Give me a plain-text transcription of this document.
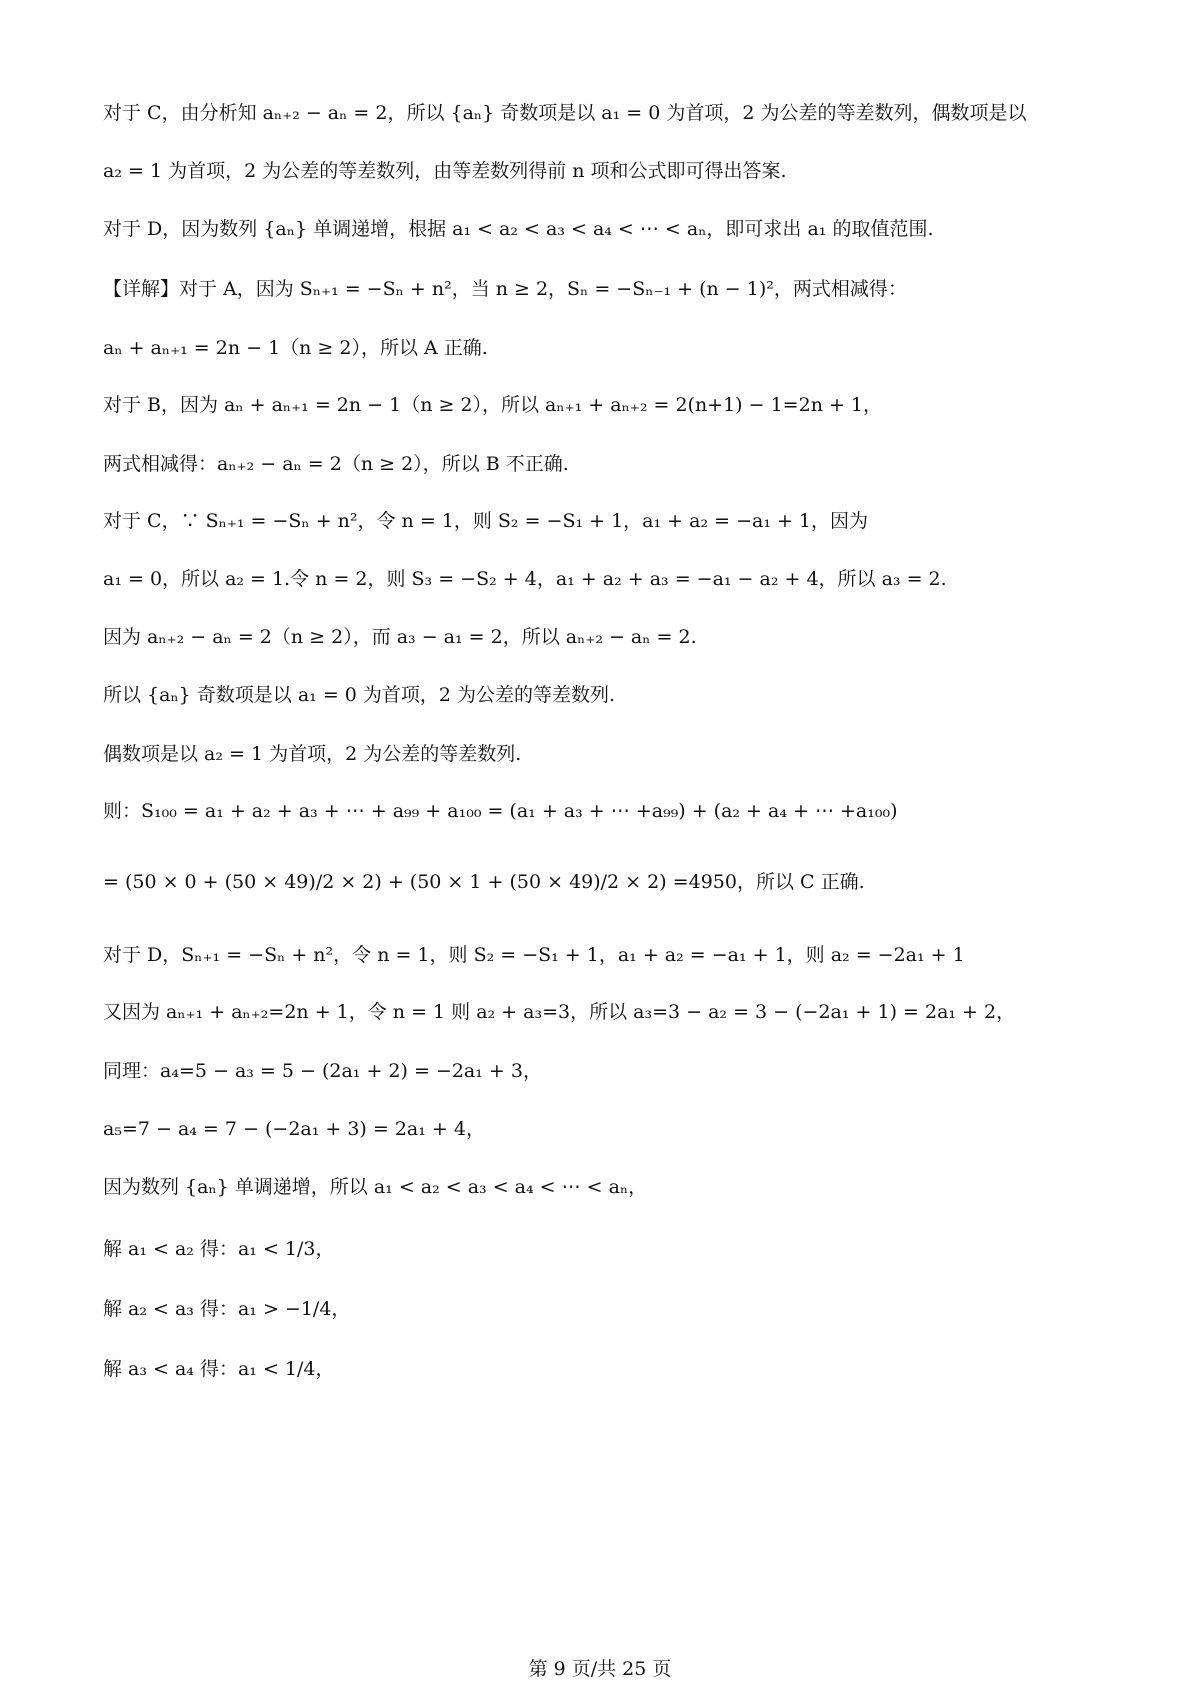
对于 C，由分析知 aₙ₊₂ − aₙ = 2，所以 {aₙ} 奇数项是以 a₁ = 0 为首项，2 为公差的等差数列，偶数项是以
a₂ = 1 为首项，2 为公差的等差数列，由等差数列得前 n 项和公式即可得出答案.
对于 D，因为数列 {aₙ} 单调递增，根据 a₁ < a₂ < a₃ < a₄ < ⋯ < aₙ，即可求出 a₁ 的取值范围.
【详解】对于 A，因为 Sₙ₊₁ = −Sₙ + n²，当 n ≥ 2，Sₙ = −Sₙ₋₁ + (n − 1)²，两式相减得：
aₙ + aₙ₊₁ = 2n − 1（n ≥ 2），所以 A 正确.
对于 B，因为 aₙ + aₙ₊₁ = 2n − 1（n ≥ 2），所以 aₙ₊₁ + aₙ₊₂ = 2(n+1) − 1=2n + 1，
两式相减得：aₙ₊₂ − aₙ = 2（n ≥ 2），所以 B 不正确.
对于 C，∵ Sₙ₊₁ = −Sₙ + n²，令 n = 1，则 S₂ = −S₁ + 1，a₁ + a₂ = −a₁ + 1，因为
a₁ = 0，所以 a₂ = 1.令 n = 2，则 S₃ = −S₂ + 4，a₁ + a₂ + a₃ = −a₁ − a₂ + 4，所以 a₃ = 2.
因为 aₙ₊₂ − aₙ = 2（n ≥ 2），而 a₃ − a₁ = 2，所以 aₙ₊₂ − aₙ = 2.
所以 {aₙ} 奇数项是以 a₁ = 0 为首项，2 为公差的等差数列.
偶数项是以 a₂ = 1 为首项，2 为公差的等差数列.
则：S₁₀₀ = a₁ + a₂ + a₃ + ⋯ + a₉₉ + a₁₀₀ = (a₁ + a₃ + ⋯ +a₉₉) + (a₂ + a₄ + ⋯ +a₁₀₀)
= (50 × 0 + (50 × 49)/2 × 2) + (50 × 1 + (50 × 49)/2 × 2) =4950，所以 C 正确.
对于 D，Sₙ₊₁ = −Sₙ + n²，令 n = 1，则 S₂ = −S₁ + 1，a₁ + a₂ = −a₁ + 1，则 a₂ = −2a₁ + 1
又因为 aₙ₊₁ + aₙ₊₂=2n + 1，令 n = 1 则 a₂ + a₃=3，所以 a₃=3 − a₂ = 3 − (−2a₁ + 1) = 2a₁ + 2，
同理：a₄=5 − a₃ = 5 − (2a₁ + 2) = −2a₁ + 3，
a₅=7 − a₄ = 7 − (−2a₁ + 3) = 2a₁ + 4，
因为数列 {aₙ} 单调递增，所以 a₁ < a₂ < a₃ < a₄ < ⋯ < aₙ，
解 a₁ < a₂ 得：a₁ < 1/3，
解 a₂ < a₃ 得：a₁ > −1/4，
解 a₃ < a₄ 得：a₁ < 1/4，
第 9 页/共 25 页
